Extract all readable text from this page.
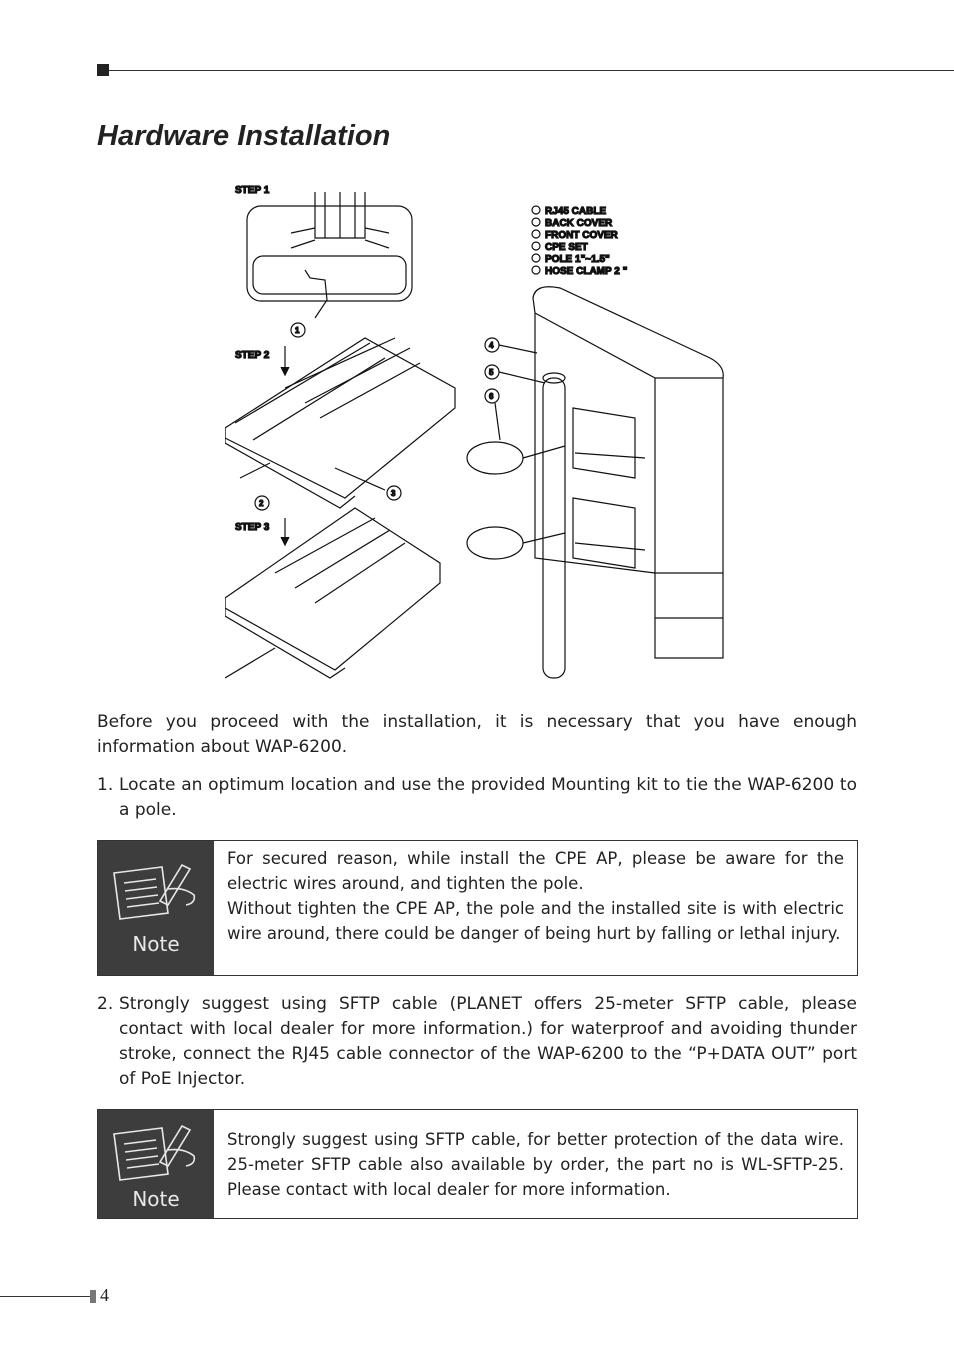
Hardware Installation
STEP 1
1
STEP 2
2
3
STEP 3
RJ45 CABLE
BACK COVER
FRONT COVER
CPE SET
POLE 1"~1.5"
HOSE CLAMP 2 "
4
5
6

Before you proceed with the installation, it is necessary that you have enough information about WAP-6200.

1. Locate an optimum location and use the provided Mounting kit to tie the WAP-6200 to a pole.
Note

For secured reason, while install the CPE AP, please be aware for the electric wires around, and tighten the pole.

Without tighten the CPE AP, the pole and the installed site is with electric wire around, there could be danger of being hurt by falling or lethal injury.

2. Strongly suggest using SFTP cable (PLANET offers 25-meter SFTP cable, please contact with local dealer for more information.) for waterproof and avoiding thunder stroke, connect the RJ45 cable connector of the WAP-6200 to the “P+DATA OUT” port of PoE Injector.
Note

Strongly suggest using SFTP cable, for better protection of the data wire. 25-meter SFTP cable also available by order, the part no is WL-SFTP-25. Please contact with local dealer for more information.

4
